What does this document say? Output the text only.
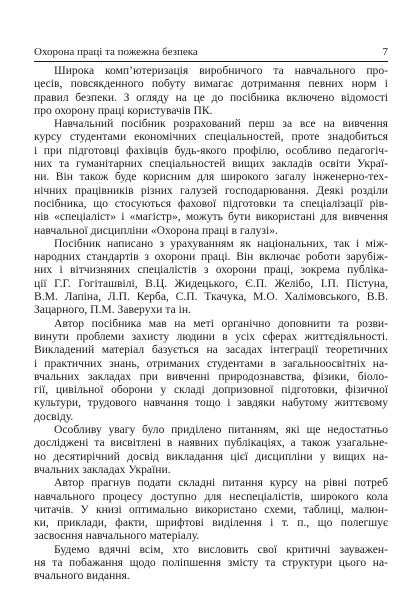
Охорона праці та пожежна безпека	7
Широка комп’ютеризація виробничого та навчального про-
цесів, повсякденного побуту вимагає дотримання певних норм і
правил безпеки. З огляду на це до посібника включено відомості
про охорону праці користувачів ПК.
Навчальний посібник розрахований перш за все на вивчення
курсу студентами економічних спеціальностей, проте знадобиться
і при підготовці фахівців будь-якого профілю, особливо педагогіч-
них та гуманітарних спеціальностей вищих закладів освіти Украї-
ни. Він також буде корисним для широкого загалу інженерно-тех-
нічних працівників різних галузей господарювання. Деякі розділи
посібника, що стосуються фахової підготовки та спеціалізації рів-
нів «спеціаліст» і «магістр», можуть бути використані для вивчення
навчальної дисципліни «Охорона праці в галузі».
Посібник написано з урахуванням як національних, так і між-
народних стандартів з охорони праці. Він включає роботи зарубіж-
них і вітчизняних спеціалістів з охорони праці, зокрема публіка-
ції Г.Г. Гогіташвілі, В.Ц. Жидецького, Є.П. Желібо, І.П. Пістуна,
В.М. Лапіна, Л.П. Керба, С.П. Ткачука, М.О. Халімовського, В.В.
Зацарного, П.М. Заверухи та ін.
Автор посібника мав на меті органічно доповнити та розви-
винути проблеми захисту людини в усіх сферах життєдіяльності.
Викладений матеріал базується на засадах інтеграції теоретичних
і практичних знань, отриманих студентами в загальноосвітніх на-
вчальних закладах при вивченні природознавства, фізики, біоло-
гії, цивільної оборони у складі допризовної підготовки, фізичної
культури, трудового навчання тощо і завдяки набутому життєвому
досвіду.
Особливу увагу було приділено питанням, які ще недостатньо
досліджені та висвітлені в наявних публікаціях, а також узагальне-
но десятирічний досвід викладання цієї дисципліни у вищих на-
вчальних закладах України.
Автор прагнув подати складні питання курсу на рівні потреб
навчального процесу доступно для неспеціалістів, широкого кола
читачів. У книзі оптимально використано схеми, таблиці, малюн-
ки, приклади, факти, шрифтові виділення і т. п., що полегшує
засвоєння навчального матеріалу.
Будемо вдячні всім, хто висловить свої критичні зауважен-
ня та побажання щодо поліпшення змісту та структури цього на-
вчального видання.
